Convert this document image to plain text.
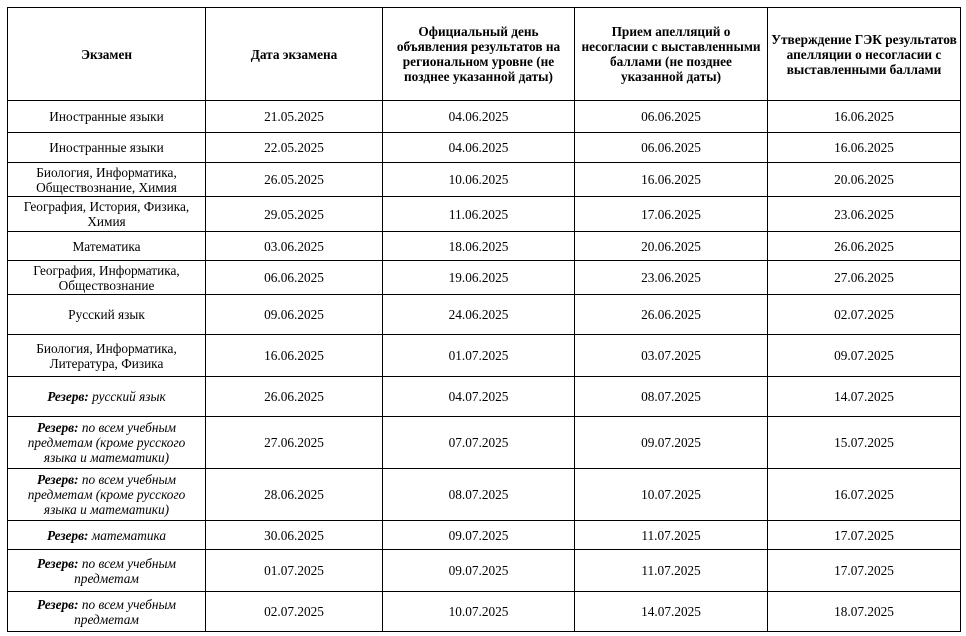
Экзамен	Дата экзамена	Официальный день объявления результатов на региональном уровне (не позднее указанной даты)	Прием апелляций о несогласии с выставленными баллами (не позднее указанной даты)	Утверждение ГЭК результатов апелляции о несогласии с выставленными баллами
Иностранные языки	21.05.2025	04.06.2025	06.06.2025	16.06.2025
Иностранные языки	22.05.2025	04.06.2025	06.06.2025	16.06.2025
Биология, Информатика, Обществознание, Химия	26.05.2025	10.06.2025	16.06.2025	20.06.2025
География, История, Физика, Химия	29.05.2025	11.06.2025	17.06.2025	23.06.2025
Математика	03.06.2025	18.06.2025	20.06.2025	26.06.2025
География, Информатика, Обществознание	06.06.2025	19.06.2025	23.06.2025	27.06.2025
Русский язык	09.06.2025	24.06.2025	26.06.2025	02.07.2025
Биология, Информатика, Литература, Физика	16.06.2025	01.07.2025	03.07.2025	09.07.2025
Резерв: русский язык	26.06.2025	04.07.2025	08.07.2025	14.07.2025
Резерв: по всем учебным предметам (кроме русского языка и математики)	27.06.2025	07.07.2025	09.07.2025	15.07.2025
Резерв: по всем учебным предметам (кроме русского языка и математики)	28.06.2025	08.07.2025	10.07.2025	16.07.2025
Резерв: математика	30.06.2025	09.07.2025	11.07.2025	17.07.2025
Резерв: по всем учебным предметам	01.07.2025	09.07.2025	11.07.2025	17.07.2025
Резерв: по всем учебным предметам	02.07.2025	10.07.2025	14.07.2025	18.07.2025
